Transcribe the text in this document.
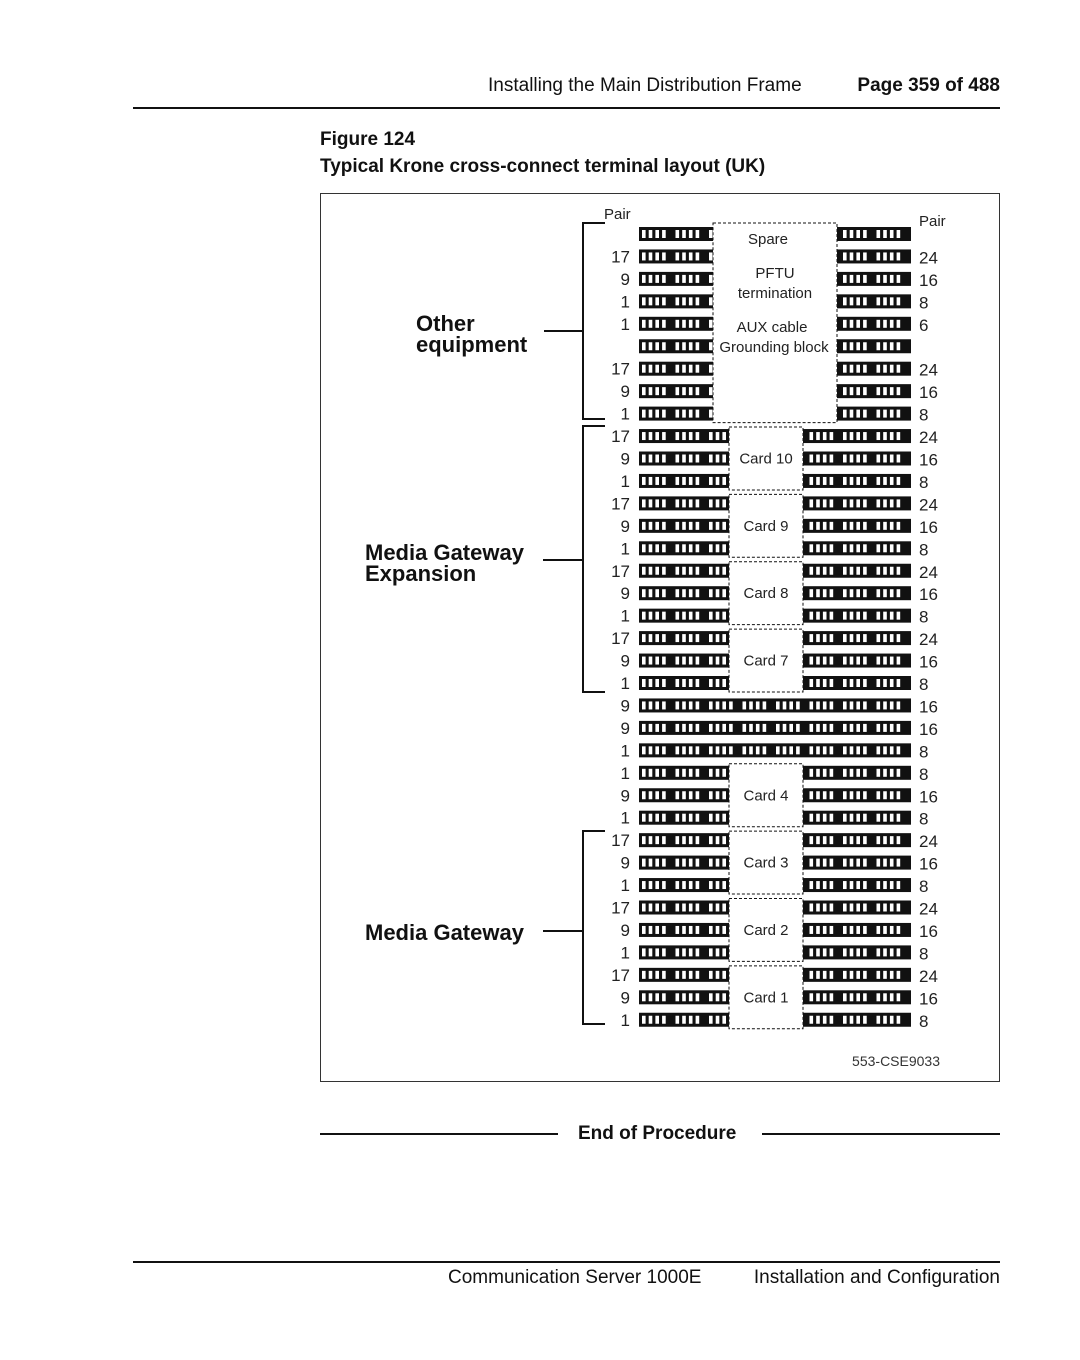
Installing the Main Distribution Frame	Page 359 of 488
Figure 124
Typical Krone cross-connect terminal layout (UK)
Pair	Pair
Spare
PFTU
termination
AUX cable
Grounding block
553-CSE9033
17	24
9	16
1	8
1	6
17	24
9	16
1	8
17	24
9	16
1	8
17	24
9	16
1	8
17	24
9	16
1	8
17	24
9	16
1	8
9	16
9	16
1	8
1	8
9	16
1	8
17	24
9	16
1	8
17	24
9	16
1	8
17	24
9	16
1	8
Card 10
Card 9
Card 8
Card 7
Card 4
Card 3
Card 2
Card 1
Other equipment
Media Gateway Expansion
Media Gateway
End of Procedure
Communication Server 1000E	Installation and Configuration
